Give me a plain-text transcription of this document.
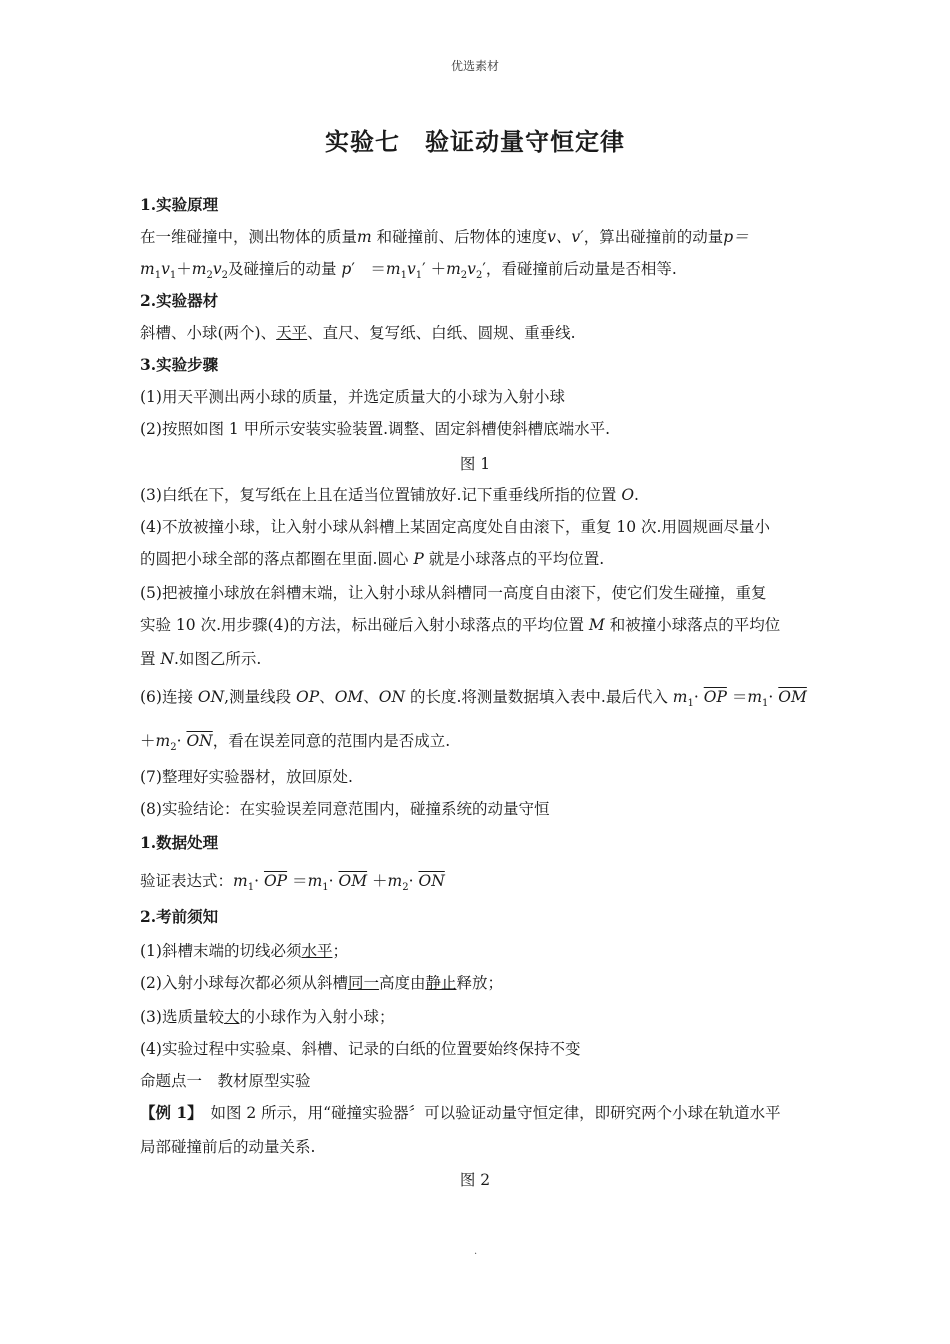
优选素材
实验七　验证动量守恒定律
1.实验原理
在一维碰撞中，测出物体的质量m 和碰撞前、后物体的速度v、v′，算出碰撞前的动量p＝
$m_1v_1+m_2v_2$及碰撞后的动量 p′　 $=m_1v_1' +m_2v_2'$，看碰撞前后动量是否相等.
2.实验器材
斜槽、小球(两个)、天平、直尺、复写纸、白纸、圆规、重垂线.
3.实验步骤
(1)用天平测出两小球的质量，并选定质量大的小球为入射小球
(2)按照如图 1 甲所示安装实验装置.调整、固定斜槽使斜槽底端水平.
图 1
(3)白纸在下，复写纸在上且在适当位置铺放好.记下重垂线所指的位置 O.
(4)不放被撞小球，让入射小球从斜槽上某固定高度处自由滚下，重复 10 次.用圆规画尽量小
的圆把小球全部的落点都圈在里面.圆心 P 就是小球落点的平均位置.
(5)把被撞小球放在斜槽末端，让入射小球从斜槽同一高度自由滚下，使它们发生碰撞，重复
实验 10 次.用步骤(4)的方法，标出碰后入射小球落点的平均位置 M 和被撞小球落点的平均位
置 N.如图乙所示.
(6)连接 ON,测量线段 OP、OM、ON 的长度.将测量数据填入表中.最后代入 $m_1\cdot \overline{OP} =m_1\cdot \overline{OM}$
$+m_2\cdot \overline{ON}$，看在误差同意的范围内是否成立.
(7)整理好实验器材，放回原处.
(8)实验结论：在实验误差同意范围内，碰撞系统的动量守恒
1.数据处理
验证表达式：$m_1\cdot \overline{OP} =m_1\cdot \overline{OM} +m_2\cdot \overline{ON}$
2.考前须知
(1)斜槽末端的切线必须水平；
(2)入射小球每次都必须从斜槽同一高度由静止释放；
(3)选质量较大的小球作为入射小球；
(4)实验过程中实验桌、斜槽、记录的白纸的位置要始终保持不变
命题点一　教材原型实验
【例 1】　如图 2 所示，用“碰撞实验器〞可以验证动量守恒定律，即研究两个小球在轨道水平
局部碰撞前后的动量关系.
图 2
.
